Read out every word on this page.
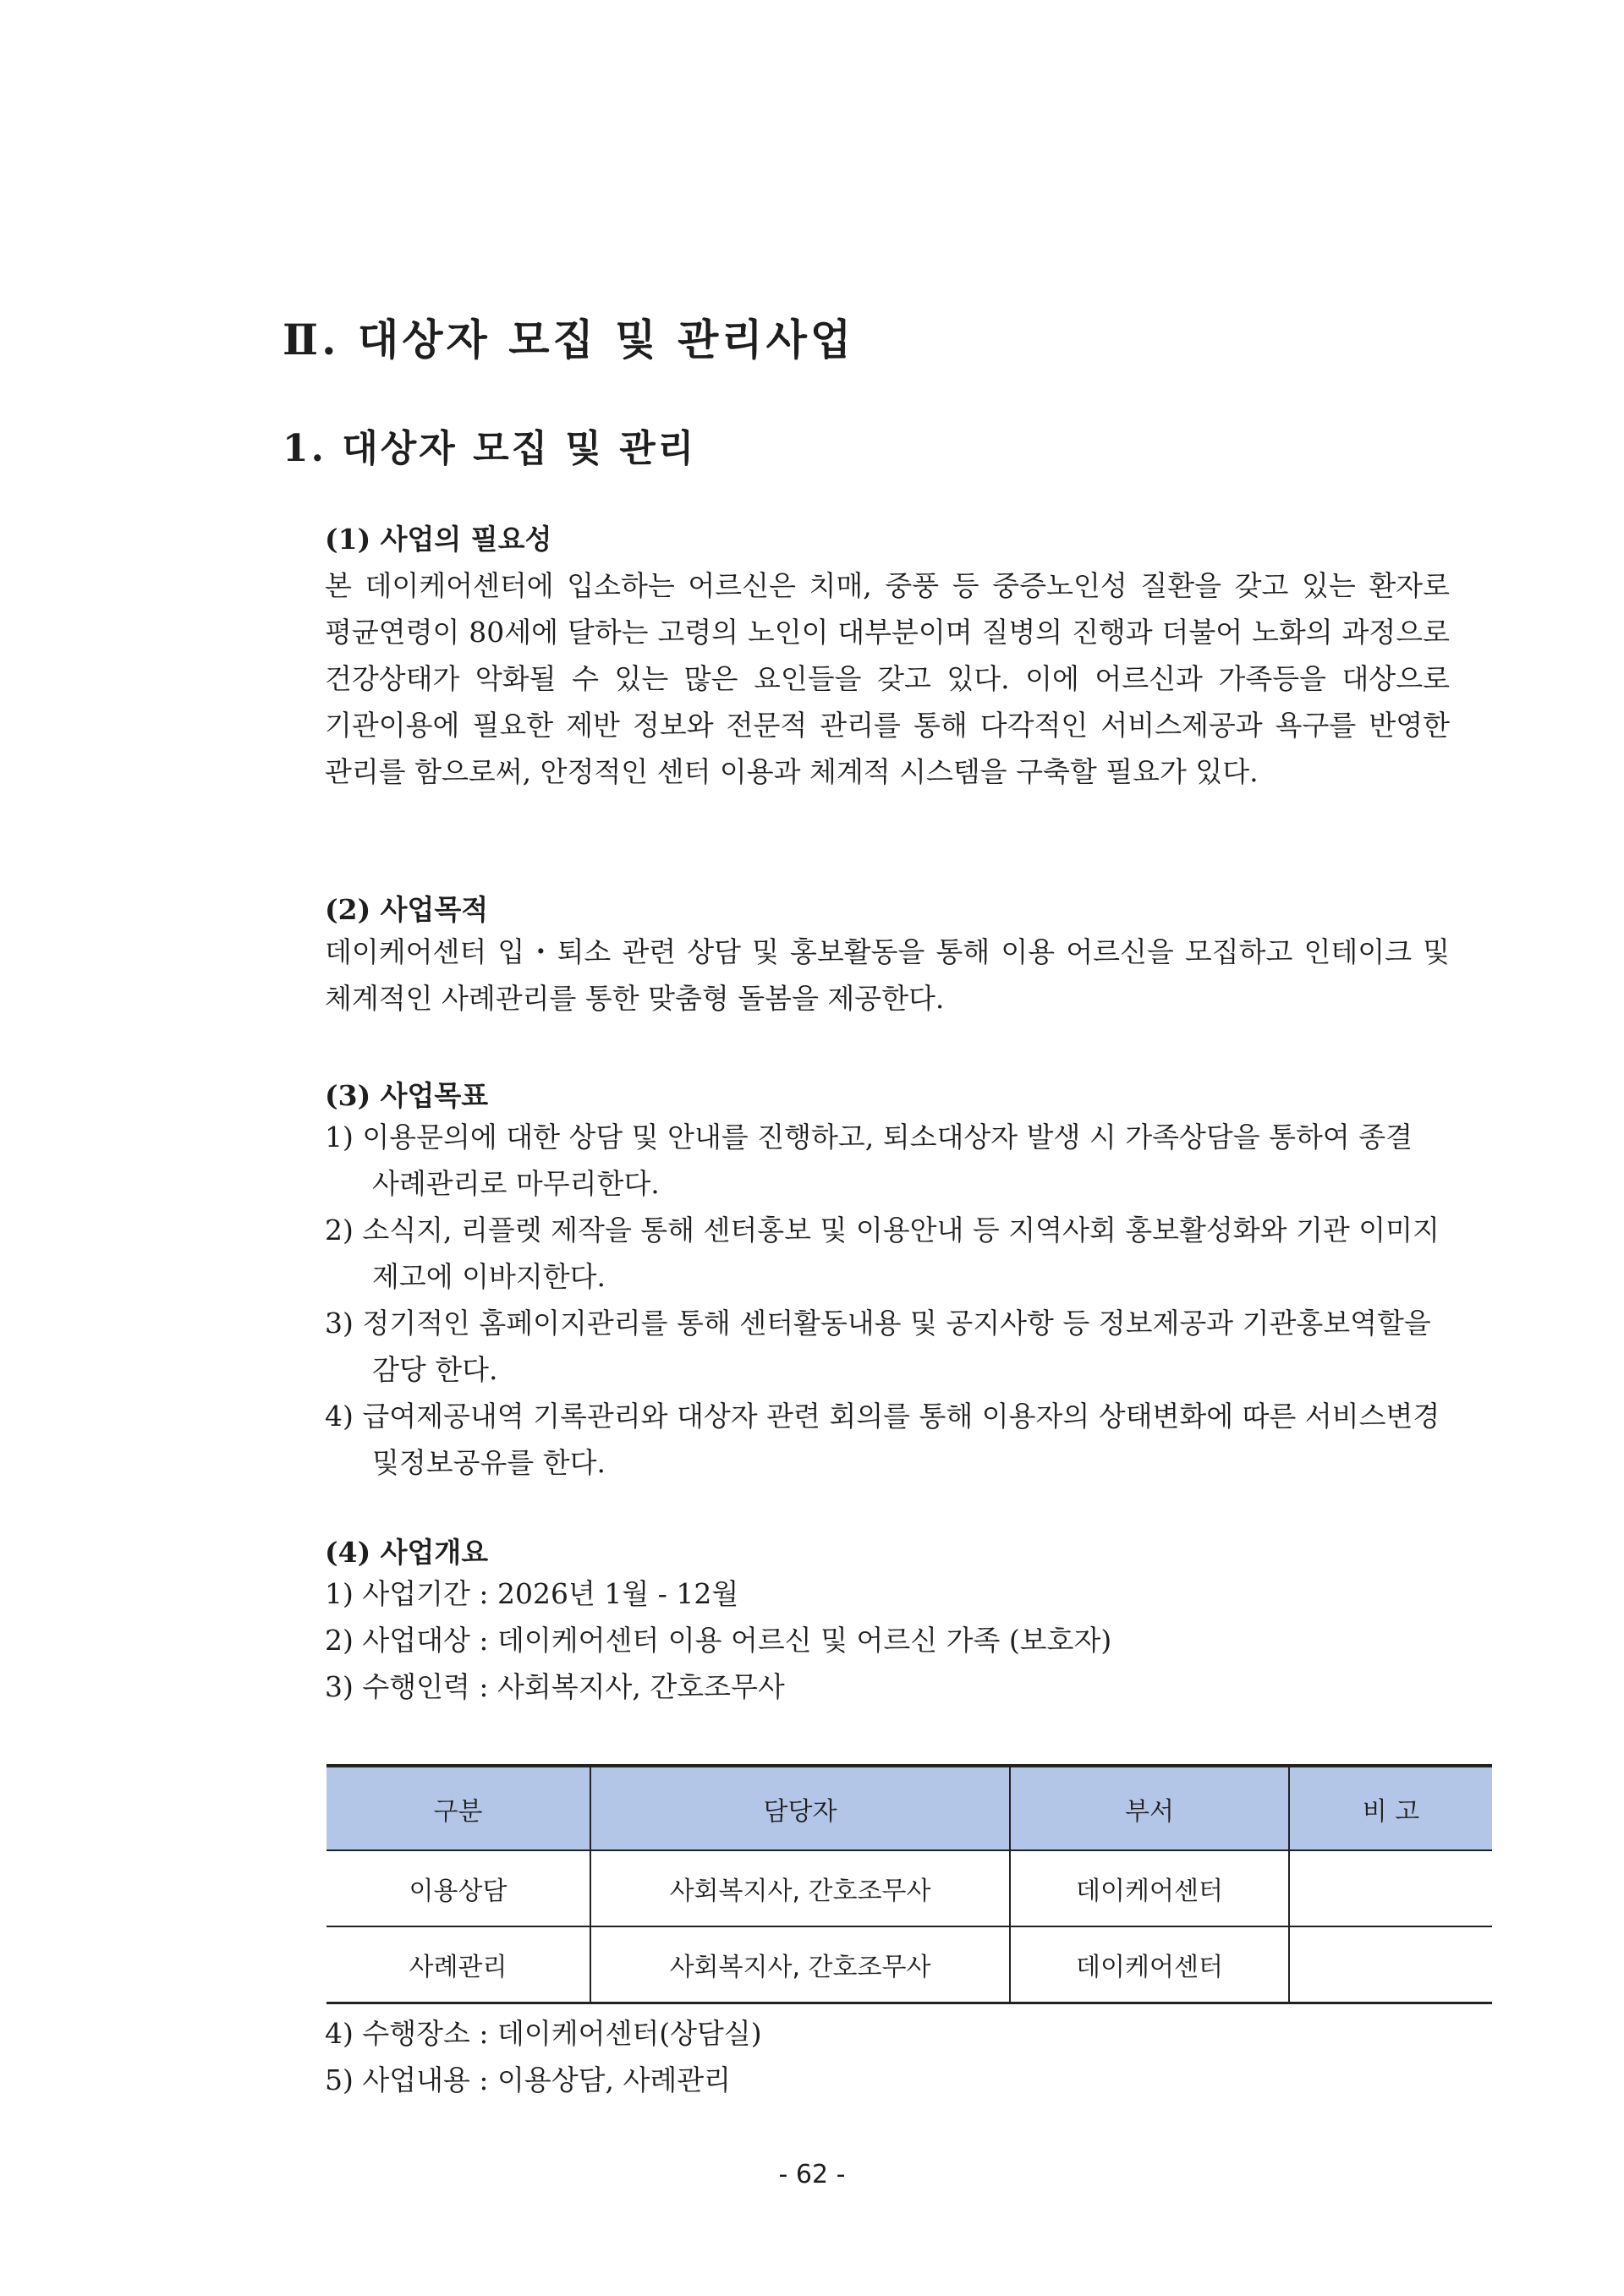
Ⅱ. 대상자 모집 및 관리사업
1. 대상자 모집 및 관리
(1) 사업의 필요성
본 데이케어센터에 입소하는 어르신은 치매, 중풍 등 중증노인성 질환을 갖고 있는 환자로 평균연령이 80세에 달하는 고령의 노인이 대부분이며 질병의 진행과 더불어 노화의 과정으로 건강상태가 악화될 수 있는 많은 요인들을 갖고 있다. 이에 어르신과 가족등을 대상으로 기관이용에 필요한 제반 정보와 전문적 관리를 통해 다각적인 서비스제공과 욕구를 반영한 관리를 함으로써, 안정적인 센터 이용과 체계적 시스템을 구축할 필요가 있다.
(2) 사업목적
데이케어센터 입・퇴소 관련 상담 및 홍보활동을 통해 이용 어르신을 모집하고 인테이크 및 체계적인 사례관리를 통한 맞춤형 돌봄을 제공한다.
(3) 사업목표
1) 이용문의에 대한 상담 및 안내를 진행하고, 퇴소대상자 발생 시 가족상담을 통하여 종결 사례관리로 마무리한다.
2) 소식지, 리플렛 제작을 통해 센터홍보 및 이용안내 등 지역사회 홍보활성화와 기관 이미지 제고에 이바지한다.
3) 정기적인 홈페이지관리를 통해 센터활동내용 및 공지사항 등 정보제공과 기관홍보역할을 감당 한다.
4) 급여제공내역 기록관리와 대상자 관련 회의를 통해 이용자의 상태변화에 따른 서비스변경 및정보공유를 한다.
(4) 사업개요
1) 사업기간 : 2026년 1월 - 12월
2) 사업대상 : 데이케어센터 이용 어르신 및 어르신 가족 (보호자)
3) 수행인력 : 사회복지사, 간호조무사
구분	담당자	부서	비 고
이용상담	사회복지사, 간호조무사	데이케어센터	
사례관리	사회복지사, 간호조무사	데이케어센터	
4) 수행장소 : 데이케어센터(상담실)
5) 사업내용 : 이용상담, 사례관리
- 62 -
